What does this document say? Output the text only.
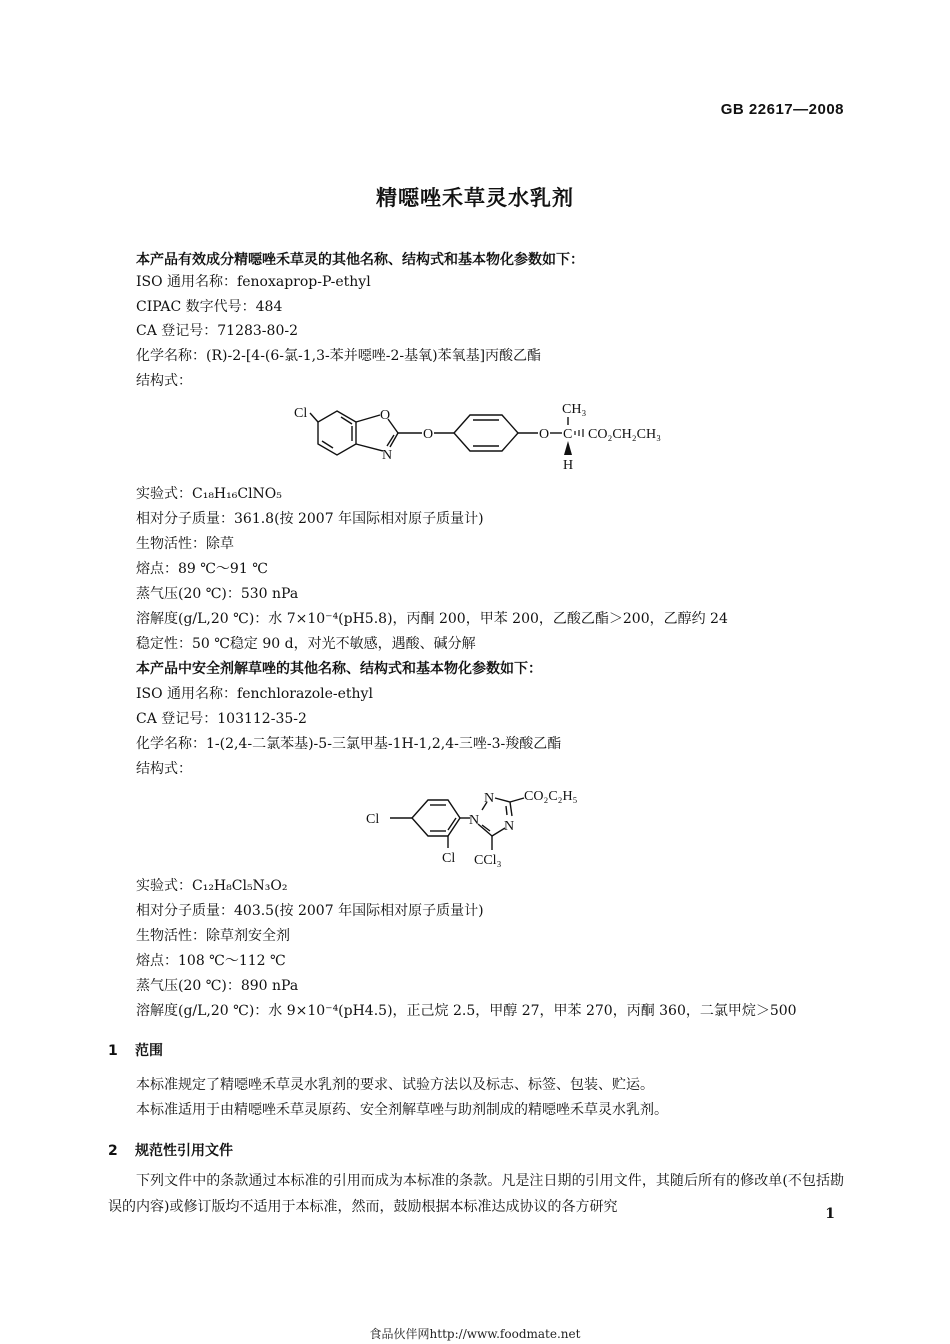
GB 22617—2008
精噁唑禾草灵水乳剂
本产品有效成分精噁唑禾草灵的其他名称、结构式和基本物化参数如下：
ISO 通用名称：fenoxaprop-P-ethyl
CIPAC 数字代号：484
CA 登记号：71283-80-2
化学名称：(R)-2-[4-(6-氯-1,3-苯并噁唑-2-基氧)苯氧基]丙酸乙酯
结构式：
Cl	O
N
O	O
CH₃
C
H
CO₂CH₂CH₃
实验式：C₁₈H₁₆ClNO₅
相对分子质量：361.8(按 2007 年国际相对原子质量计)
生物活性：除草
熔点：89 ℃～91 ℃
蒸气压(20 ℃)：530 nPa
溶解度(g/L,20 ℃)：水 7×10⁻⁴(pH5.8)，丙酮 200，甲苯 200，乙酸乙酯＞200，乙醇约 24
稳定性：50 ℃稳定 90 d，对光不敏感，遇酸、碱分解
本产品中安全剂解草唑的其他名称、结构式和基本物化参数如下：
ISO 通用名称：fenchlorazole-ethyl
CA 登记号：103112-35-2
化学名称：1-(2,4-二氯苯基)-5-三氯甲基-1H-1,2,4-三唑-3-羧酸乙酯
结构式：
Cl
Cl
N
N
N
CO₂C₂H₅
CCl₃
实验式：C₁₂H₈Cl₅N₃O₂
相对分子质量：403.5(按 2007 年国际相对原子质量计)
生物活性：除草剂安全剂
熔点：108 ℃～112 ℃
蒸气压(20 ℃)：890 nPa
溶解度(g/L,20 ℃)：水 9×10⁻⁴(pH4.5)，正己烷 2.5，甲醇 27，甲苯 270，丙酮 360，二氯甲烷＞500
1 范围
本标准规定了精噁唑禾草灵水乳剂的要求、试验方法以及标志、标签、包装、贮运。
本标准适用于由精噁唑禾草灵原药、安全剂解草唑与助剂制成的精噁唑禾草灵水乳剂。
2 规范性引用文件
下列文件中的条款通过本标准的引用而成为本标准的条款。凡是注日期的引用文件，其随后所有的修改单(不包括勘误的内容)或修订版均不适用于本标准，然而，鼓励根据本标准达成协议的各方研究	1
食品伙伴网http://www.foodmate.net
